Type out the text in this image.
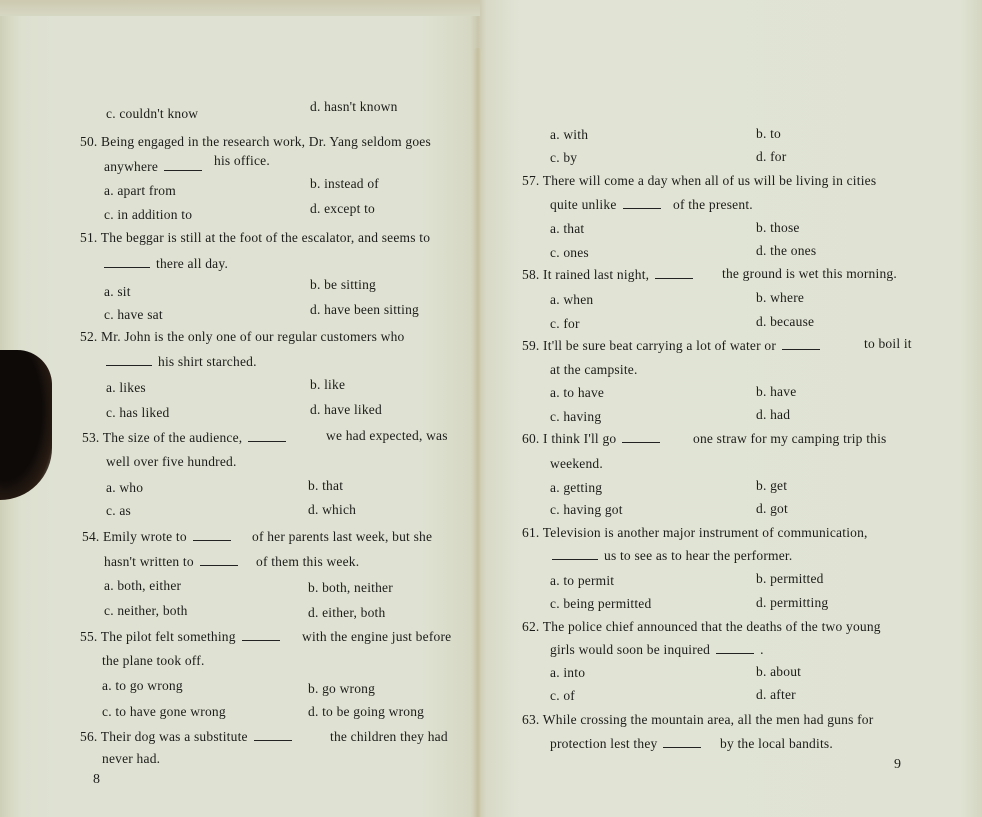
c. couldn't know	d. hasn't known
50. Being engaged in the research work, Dr. Yang seldom goes
anywhere	his office.
a. apart from	b. instead of
c. in addition to	d. except to
51. The beggar is still at the foot of the escalator, and seems to
there all day.
a. sit	b. be sitting
c. have sat	d. have been sitting
52. Mr. John is the only one of our regular customers who
his shirt starched.
a. likes	b. like
c. has liked	d. have liked
53. The size of the audience,	we had expected, was
well over five hundred.
a. who	b. that
c. as	d. which
54. Emily wrote to	of her parents last week, but she
hasn't written to	of them this week.
a. both, either	b. both, neither
c. neither, both	d. either, both
55. The pilot felt something	with the engine just before
the plane took off.
a. to go wrong	b. go wrong
c. to have gone wrong	d. to be going wrong
56. Their dog was a substitute	the children they had
never had.
a. with	b. to
c. by	d. for
57. There will come a day when all of us will be living in cities
quite unlike	of the present.
a. that	b. those
c. ones	d. the ones
58. It rained last night,	the ground is wet this morning.
a. when	b. where
c. for	d. because
59. It'll be sure beat carrying a lot of water or	to boil it
at the campsite.
a. to have	b. have
c. having	d. had
60. I think I'll go	one straw for my camping trip this
weekend.
a. getting	b. get
c. having got	d. got
61. Television is another major instrument of communication,
us to see as to hear the performer.
a. to permit	b. permitted
c. being permitted	d. permitting
62. The police chief announced that the deaths of the two young
girls would soon be inquired	.
a. into	b. about
c. of	d. after
63. While crossing the mountain area, all the men had guns for
protection lest they	by the local bandits.
8
9
